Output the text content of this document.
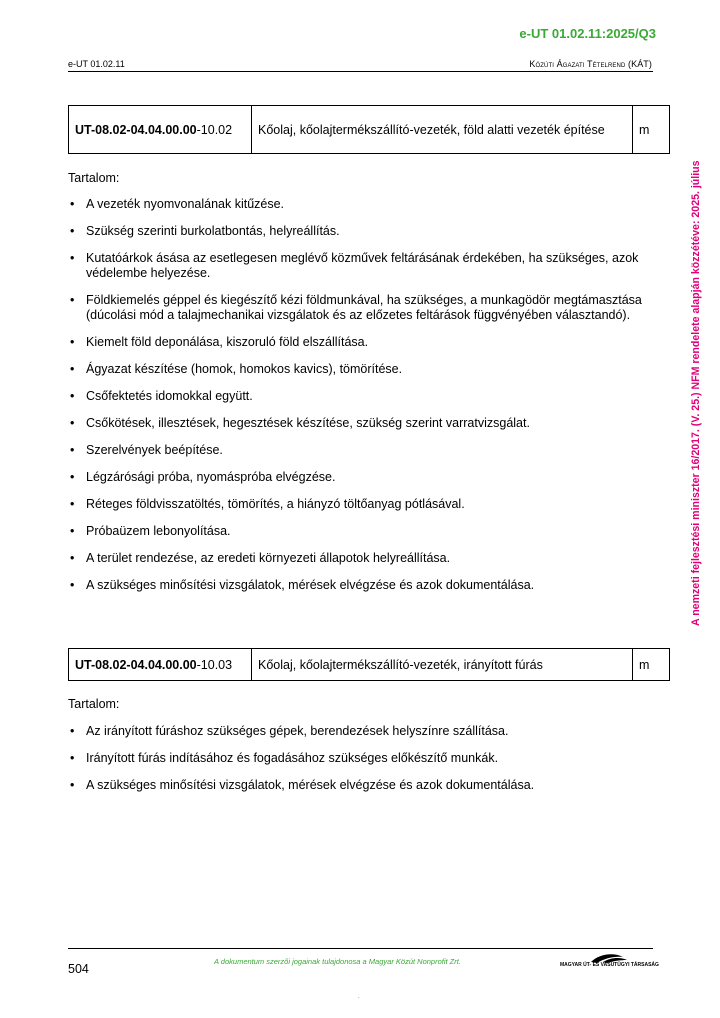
e-UT 01.02.11:2025/Q3
e-UT 01.02.11	Közúti Ágazati Tételrend (KÁT)
A nemzeti fejlesztési miniszter 16/2017. (V. 25.) NFM rendelete alapján közzétéve: 2025. július
UT-08.02-04.04.00.00-10.02	Kőolaj, kőolajtermékszállító-vezeték, föld alatti vezeték építése	m
Tartalom:
• A vezeték nyomvonalának kitűzése.
• Szükség szerinti burkolatbontás, helyreállítás.
• Kutatóárkok ásása az esetlegesen meglévő közművek feltárásának érdekében, ha szükséges, azok védelembe helyezése.
• Földkiemelés géppel és kiegészítő kézi földmunkával, ha szükséges, a munkagödör megtámasztása (dúcolási mód a talajmechanikai vizsgálatok és az előzetes feltárások függvényében választandó).
• Kiemelt föld deponálása, kiszoruló föld elszállítása.
• Ágyazat készítése (homok, homokos kavics), tömörítése.
• Csőfektetés idomokkal együtt.
• Csőkötések, illesztések, hegesztések készítése, szükség szerint varratvizsgálat.
• Szerelvények beépítése.
• Légzárósági próba, nyomáspróba elvégzése.
• Réteges földvisszatöltés, tömörítés, a hiányzó töltőanyag pótlásával.
• Próbaüzem lebonyolítása.
• A terület rendezése, az eredeti környezeti állapotok helyreállítása.
• A szükséges minősítési vizsgálatok, mérések elvégzése és azok dokumentálása.
UT-08.02-04.04.00.00-10.03	Kőolaj, kőolajtermékszállító-vezeték, irányított fúrás	m
Tartalom:
• Az irányított fúráshoz szükséges gépek, berendezések helyszínre szállítása.
• Irányított fúrás indításához és fogadásához szükséges előkészítő munkák.
• A szükséges minősítési vizsgálatok, mérések elvégzése és azok dokumentálása.
504
A dokumentum szerzői jogainak tulajdonosa a Magyar Közút Nonprofit Zrt.	MAGYAR ÚT- ÉS VASÚTÜGYI TÁRSASÁG
.
